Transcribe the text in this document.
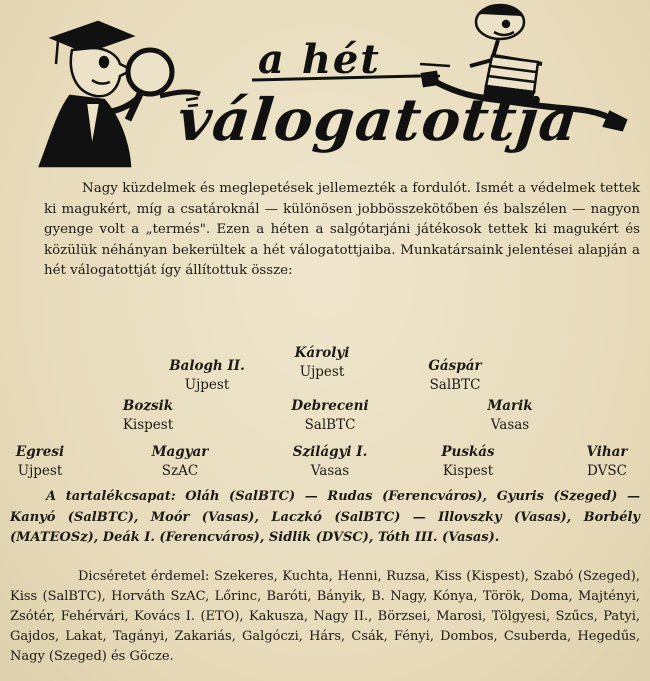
a hét
válogatottja
Nagy küzdelmek és meglepetések jellemezték a fordulót. Ismét a védelmek tettek ki magukért, míg a csatároknál — különösen jobbösszekötőben és balszélen — nagyon gyenge volt a „termés". Ezen a héten a salgótarjáni játékosok tettek ki magukért és közülük néhányan bekerültek a hét válogatottjaiba. Munkatársaink jelentései alapján a hét válogatottját így állítottuk össze:
Károlyi
Ujpest
Balogh II.
Ujpest
Gáspár
SalBTC
Bozsik
Kispest
Debreceni
SalBTC
Marik
Vasas
Egresi
Ujpest
Magyar
SzAC
Szilágyi I.
Vasas
Puskás
Kispest
Vihar
DVSC
A tartalékcsapat: Oláh (SalBTC) — Rudas (Ferencváros), Gyuris (Szeged) — Kanyó (SalBTC), Moór (Vasas), Laczkó (SalBTC) — Illovszky (Vasas), Borbély (MATEOSz), Deák I. (Ferencváros), Sidlik (DVSC), Tóth III. (Vasas).
Dicséretet érdemel: Szekeres, Kuchta, Henni, Ruzsa, Kiss (Kispest), Szabó (Szeged), Kiss (SalBTC), Horváth SzAC, Lőrinc, Baróti, Bányik, B. Nagy, Kónya, Török, Doma, Majtényi, Zsótér, Fehérvári, Kovács I. (ETO), Kakusza, Nagy II., Börzsei, Marosi, Tölgyesi, Szűcs, Patyi, Gajdos, Lakat, Tagányi, Zakariás, Galgóczi, Hárs, Csák, Fényi, Dombos, Csuberda, Hegedűs, Nagy (Szeged) és Göcze.
